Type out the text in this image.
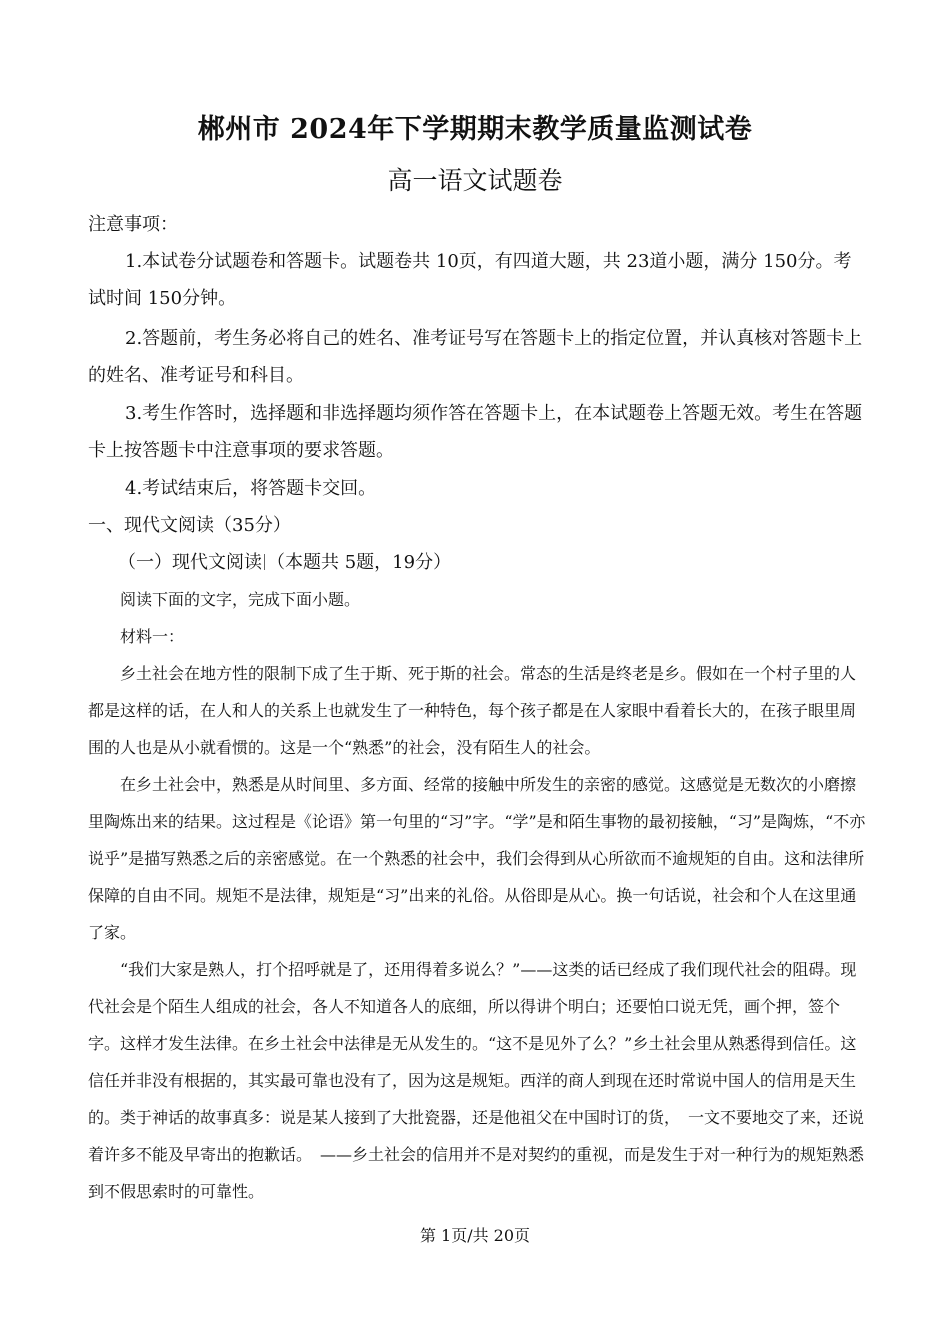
郴州市 2024年下学期期末教学质量监测试卷
高一语文试题卷

注意事项：

1.本试卷分试题卷和答题卡。试题卷共 10页，有四道大题，共 23道小题，满分 150分。考试时间 150分钟。

2.答题前，考生务必将自己的姓名、准考证号写在答题卡上的指定位置，并认真核对答题卡上的姓名、准考证号和科目。

3.考生作答时，选择题和非选择题均须作答在答题卡上，在本试题卷上答题无效。考生在答题卡上按答题卡中注意事项的要求答题。

4.考试结束后，将答题卡交回。

一、现代文阅读（35分）

（一）现代文阅读 （本题共 5题，19分）

阅读下面的文字，完成下面小题。

材料一：

乡土社会在地方性的限制下成了生于斯、死于斯的社会。常态的生活是终老是乡。假如在一个村子里的人都是这样的话，在人和人的关系上也就发生了一种特色，每个孩子都是在人家眼中看着长大的，在孩子眼里周围的人也是从小就看惯的。这是一个“熟悉”的社会，没有陌生人的社会。

在乡土社会中，熟悉是从时间里、多方面、经常的接触中所发生的亲密的感觉。这感觉是无数次的小磨擦里陶炼出来的结果。这过程是《论语》第一句里的“习”字。“学”是和陌生事物的最初接触，“习”是陶炼，“不亦说乎”是描写熟悉之后的亲密感觉。在一个熟悉的社会中，我们会得到从心所欲而不逾规矩的自由。这和法律所保障的自由不同。规矩不是法律，规矩是“习”出来的礼俗。从俗即是从心。换一句话说，社会和个人在这里通了家。

“我们大家是熟人，打个招呼就是了，还用得着多说么？”——这类的话已经成了我们现代社会的阻碍。现代社会是个陌生人组成的社会，各人不知道各人的底细，所以得讲个明白；还要怕口说无凭，画个押，签个字。这样才发生法律。在乡土社会中法律是无从发生的。“这不是见外了么？”乡土社会里从熟悉得到信任。这信任并非没有根据的，其实最可靠也没有了，因为这是规矩。西洋的商人到现在还时常说中国人的信用是天生的。类于神话的故事真多：说是某人接到了大批瓷器，还是他祖父在中国时订的货，　一文不要地交了来，还说着许多不能及早寄出的抱歉话。　——乡土社会的信用并不是对契约的重视，而是发生于对一种行为的规矩熟悉到不假思索时的可靠性。

第 1页/共 20页
